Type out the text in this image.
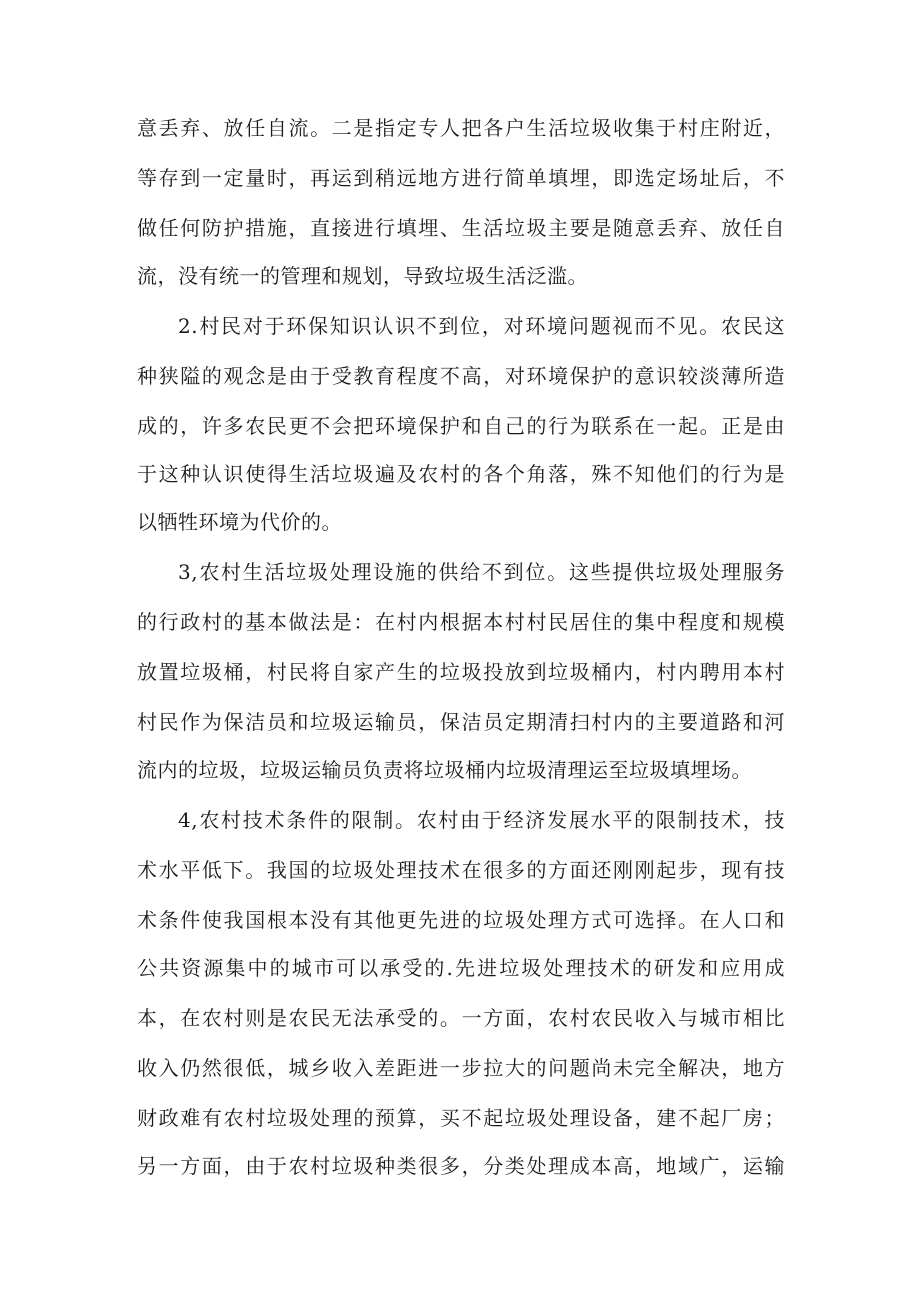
意丢弃、放任自流。二是指定专人把各户生活垃圾收集于村庄附近，
等存到一定量时，再运到稍远地方进行简单填埋，即选定场址后，不
做任何防护措施，直接进行填埋、生活垃圾主要是随意丢弃、放任自
流，没有统一的管理和规划，导致垃圾生活泛滥。
2.村民对于环保知识认识不到位，对环境问题视而不见。农民这
种狭隘的观念是由于受教育程度不高，对环境保护的意识较淡薄所造
成的，许多农民更不会把环境保护和自己的行为联系在一起。正是由
于这种认识使得生活垃圾遍及农村的各个角落，殊不知他们的行为是
以牺牲环境为代价的。
3,农村生活垃圾处理设施的供给不到位。这些提供垃圾处理服务
的行政村的基本做法是：在村内根据本村村民居住的集中程度和规模
放置垃圾桶，村民将自家产生的垃圾投放到垃圾桶内，村内聘用本村
村民作为保洁员和垃圾运输员，保洁员定期清扫村内的主要道路和河
流内的垃圾，垃圾运输员负责将垃圾桶内垃圾清理运至垃圾填埋场。
4,农村技术条件的限制。农村由于经济发展水平的限制技术，技
术水平低下。我国的垃圾处理技术在很多的方面还刚刚起步，现有技
术条件使我国根本没有其他更先进的垃圾处理方式可选择。在人口和
公共资源集中的城市可以承受的.先进垃圾处理技术的研发和应用成
本，在农村则是农民无法承受的。一方面，农村农民收入与城市相比
收入仍然很低，城乡收入差距进一步拉大的问题尚未完全解决，地方
财政难有农村垃圾处理的预算，买不起垃圾处理设备，建不起厂房；
另一方面，由于农村垃圾种类很多，分类处理成本高，地域广，运输
